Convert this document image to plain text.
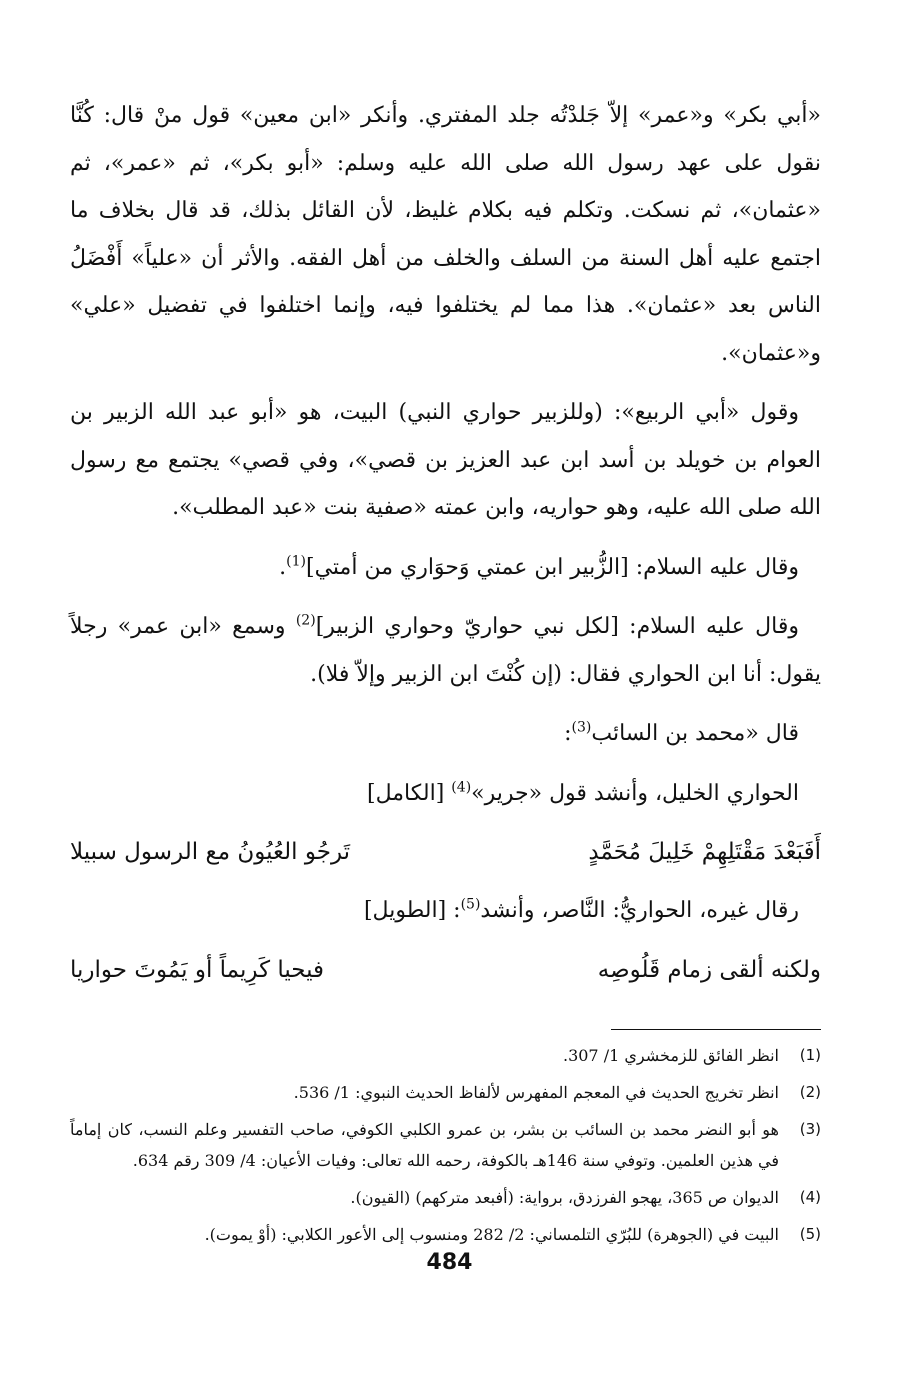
«أبي بكر» و«عمر» إلاّ جَلدْتُه جلد المفتري. وأنكر «ابن معين» قول منْ قال: كُنَّا نقول على عهد رسول الله صلى الله عليه وسلم: «أبو بكر»، ثم «عمر»، ثم «عثمان»، ثم نسكت. وتكلم فيه بكلام غليظ، لأن القائل بذلك، قد قال بخلاف ما اجتمع عليه أهل السنة من السلف والخلف من أهل الفقه. والأثر أن «علياً» أَفْضَلُ الناس بعد «عثمان». هذا مما لم يختلفوا فيه، وإنما اختلفوا في تفضيل «علي» و«عثمان».

وقول «أبي الربيع»: (وللزبير حواري النبي) البيت، هو «أبو عبد الله الزبير بن العوام بن خويلد بن أسد ابن عبد العزيز بن قصي»، وفي قصي» يجتمع مع رسول الله صلى الله عليه، وهو حواريه، وابن عمته «صفية بنت «عبد المطلب».

وقال عليه السلام: [الزُّبير ابن عمتي وَحوَاري من أمتي]$^{(1)}$.

وقال عليه السلام: [لكل نبي حواريّ وحواري الزبير]$^{(2)}$ وسمع «ابن عمر» رجلاً يقول: أنا ابن الحواري فقال: (إن كُنْتَ ابن الزبير وإلاّ فلا).

قال «محمد بن السائب$^{(3)}$:

الحواري الخليل، وأنشد قول «جرير»$^{(4)}$ [الكامل]

أَفَبَعْدَ مَقْتَلِهِمْ خَلِيلَ مُحَمَّدٍ
تَرجُو العُيُونُ مع الرسول سبيلا

رقال غيره، الحواريُّ: النَّاصر، وأنشد$^{(5)}$: [الطويل]

ولكنه ألقى زمام قَلُوصِه
فيحيا كَرِيماً أو يَمُوتَ حواريا
(1)
انظر الفائق للزمخشري 1/ 307.
(2)
انظر تخريج الحديث في المعجم المفهرس لألفاظ الحديث النبوي: 1/ 536.
(3)
هو أبو النضر محمد بن السائب بن بشر، بن عمرو الكلبي الكوفي، صاحب التفسير وعلم النسب، كان إماماً في هذين العلمين. وتوفي سنة 146هـ بالكوفة، رحمه الله تعالى: وفيات الأعيان: 4/ 309 رقم 634.
(4)
الديوان ص 365، يهجو الفرزدق، برواية: (أفبعد متركهم) (القيون).
(5)
البيت في (الجوهرة) للبُرّي التلمساني: 2/ 282 ومنسوب إلى الأعور الكلابي: (أوْ يموت).
484
